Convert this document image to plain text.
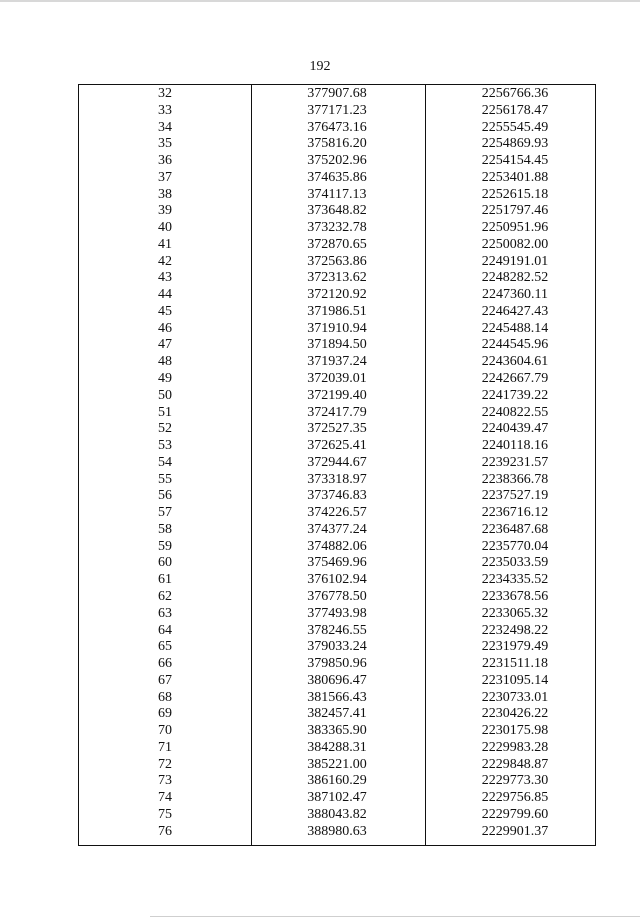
192
32	377907.68	2256766.36
33	377171.23	2256178.47
34	376473.16	2255545.49
35	375816.20	2254869.93
36	375202.96	2254154.45
37	374635.86	2253401.88
38	374117.13	2252615.18
39	373648.82	2251797.46
40	373232.78	2250951.96
41	372870.65	2250082.00
42	372563.86	2249191.01
43	372313.62	2248282.52
44	372120.92	2247360.11
45	371986.51	2246427.43
46	371910.94	2245488.14
47	371894.50	2244545.96
48	371937.24	2243604.61
49	372039.01	2242667.79
50	372199.40	2241739.22
51	372417.79	2240822.55
52	372527.35	2240439.47
53	372625.41	2240118.16
54	372944.67	2239231.57
55	373318.97	2238366.78
56	373746.83	2237527.19
57	374226.57	2236716.12
58	374377.24	2236487.68
59	374882.06	2235770.04
60	375469.96	2235033.59
61	376102.94	2234335.52
62	376778.50	2233678.56
63	377493.98	2233065.32
64	378246.55	2232498.22
65	379033.24	2231979.49
66	379850.96	2231511.18
67	380696.47	2231095.14
68	381566.43	2230733.01
69	382457.41	2230426.22
70	383365.90	2230175.98
71	384288.31	2229983.28
72	385221.00	2229848.87
73	386160.29	2229773.30
74	387102.47	2229756.85
75	388043.82	2229799.60
76	388980.63	2229901.37
